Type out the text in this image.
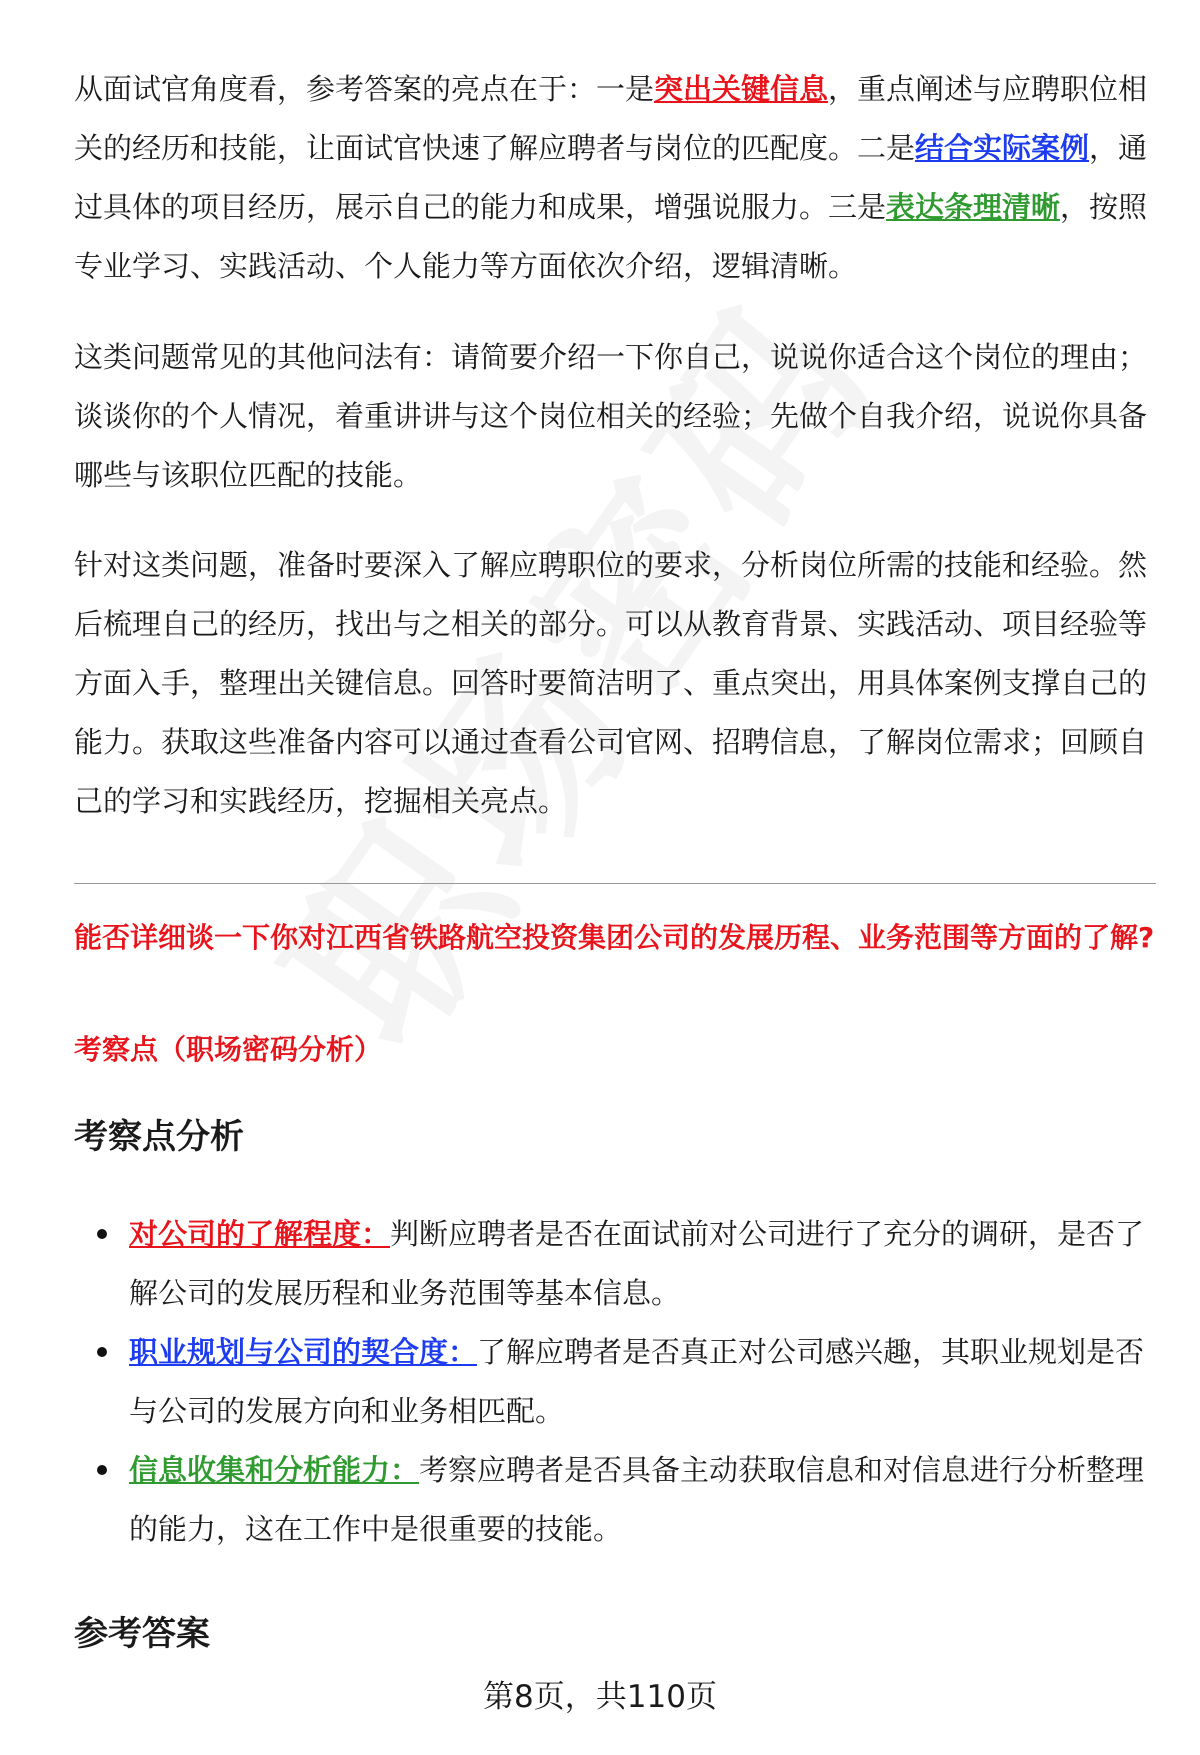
从面试官角度看，参考答案的亮点在于：一是突出关键信息，重点阐述与应聘职位相关的经历和技能，让面试官快速了解应聘者与岗位的匹配度。二是结合实际案例，通过具体的项目经历，展示自己的能力和成果，增强说服力。三是表达条理清晰，按照专业学习、实践活动、个人能力等方面依次介绍，逻辑清晰。

这类问题常见的其他问法有：请简要介绍一下你自己，说说你适合这个岗位的理由；谈谈你的个人情况，着重讲讲与这个岗位相关的经验；先做个自我介绍，说说你具备哪些与该职位匹配的技能。

针对这类问题，准备时要深入了解应聘职位的要求，分析岗位所需的技能和经验。然后梳理自己的经历，找出与之相关的部分。可以从教育背景、实践活动、项目经验等方面入手，整理出关键信息。回答时要简洁明了、重点突出，用具体案例支撑自己的能力。获取这些准备内容可以通过查看公司官网、招聘信息，了解岗位需求；回顾自己的学习和实践经历，挖掘相关亮点。

能否详细谈一下你对江西省铁路航空投资集团公司的发展历程、业务范围等方面的了解?

考察点（职场密码分析）

考察点分析
对公司的了解程度：判断应聘者是否在面试前对公司进行了充分的调研，是否了解公司的发展历程和业务范围等基本信息。
职业规划与公司的契合度：了解应聘者是否真正对公司感兴趣，其职业规划是否与公司的发展方向和业务相匹配。
信息收集和分析能力：考察应聘者是否具备主动获取信息和对信息进行分析整理的能力，这在工作中是很重要的技能。
参考答案
第8页，共110页
